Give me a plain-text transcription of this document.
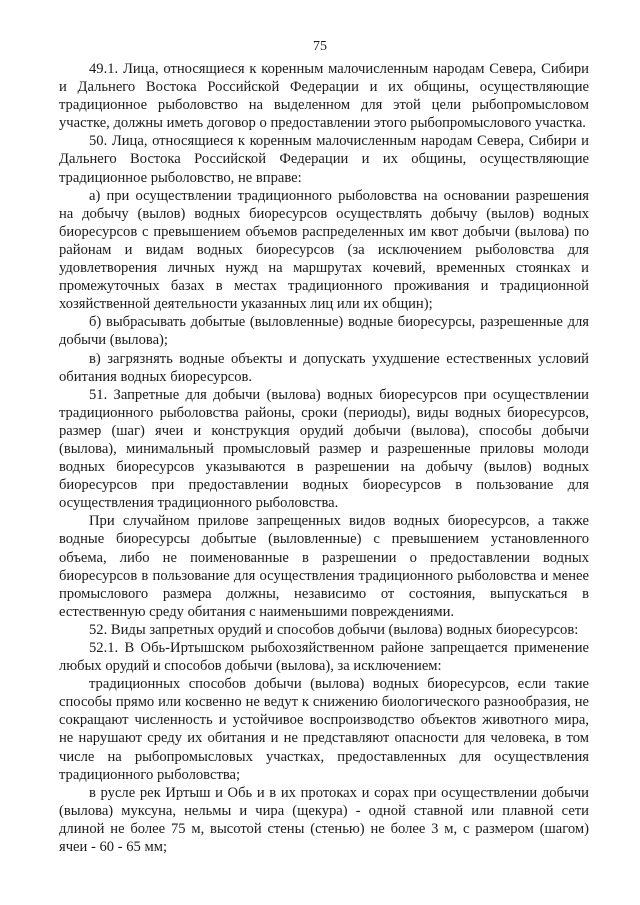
75

49.1. Лица, относящиеся к коренным малочисленным народам Севера, Сибири и Дальнего Востока Российской Федерации и их общины, осуществляющие традиционное рыболовство на выделенном для этой цели рыбопромысловом участке, должны иметь договор о предоставлении этого рыбопромыслового участка.

50. Лица, относящиеся к коренным малочисленным народам Севера, Сибири и Дальнего Востока Российской Федерации и их общины, осуществляющие традиционное рыболовство, не вправе:

а) при осуществлении традиционного рыболовства на основании разрешения на добычу (вылов) водных биоресурсов осуществлять добычу (вылов) водных биоресурсов с превышением объемов распределенных им квот добычи (вылова) по районам и видам водных биоресурсов (за исключением рыболовства для удовлетворения личных нужд на маршрутах кочевий, временных стоянках и промежуточных базах в местах традиционного проживания и традиционной хозяйственной деятельности указанных лиц или их общин);

б) выбрасывать добытые (выловленные) водные биоресурсы, разрешенные для добычи (вылова);

в) загрязнять водные объекты и допускать ухудшение естественных условий обитания водных биоресурсов.

51. Запретные для добычи (вылова) водных биоресурсов при осуществлении традиционного рыболовства районы, сроки (периоды), виды водных биоресурсов, размер (шаг) ячеи и конструкция орудий добычи (вылова), способы добычи (вылова), минимальный промысловый размер и разрешенные приловы молоди водных биоресурсов указываются в разрешении на добычу (вылов) водных биоресурсов при предоставлении водных биоресурсов в пользование для осуществления традиционного рыболовства.

При случайном прилове запрещенных видов водных биоресурсов, а также водные биоресурсы добытые (выловленные) с превышением установленного объема, либо не поименованные в разрешении о предоставлении водных биоресурсов в пользование для осуществления традиционного рыболовства и менее промыслового размера должны, независимо от состояния, выпускаться в естественную среду обитания с наименьшими повреждениями.

52. Виды запретных орудий и способов добычи (вылова) водных биоресурсов:

52.1. В Обь-Иртышском рыбохозяйственном районе запрещается применение любых орудий и способов добычи (вылова), за исключением:

традиционных способов добычи (вылова) водных биоресурсов, если такие способы прямо или косвенно не ведут к снижению биологического разнообразия, не сокращают численность и устойчивое воспроизводство объектов животного мира, не нарушают среду их обитания и не представляют опасности для человека, в том числе на рыбопромысловых участках, предоставленных для осуществления традиционного рыболовства;

в русле рек Иртыш и Обь и в их протоках и сорах при осуществлении добычи (вылова) муксуна, нельмы и чира (щекура) - одной ставной или плавной сети длиной не более 75 м, высотой стены (стенью) не более 3 м, с размером (шагом) ячеи - 60 - 65 мм;
